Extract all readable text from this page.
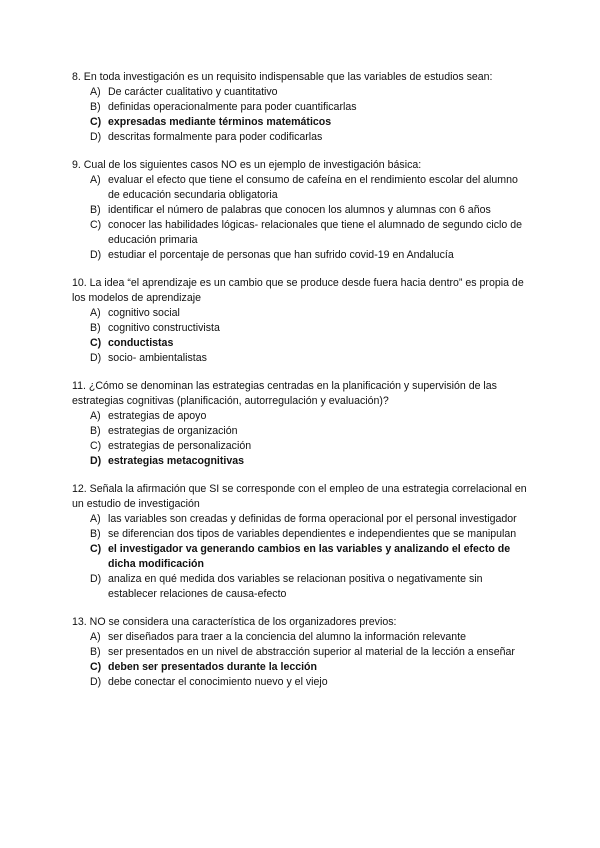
8. En toda investigación es un requisito indispensable que las variables de estudios sean:

A) De carácter cualitativo y cuantitativo
B) definidas operacionalmente para poder cuantificarlas
C) expresadas mediante términos matemáticos
D) descritas formalmente para poder codificarlas

9. Cual de los siguientes casos NO es un ejemplo de investigación básica:

A) evaluar el efecto que tiene el consumo de cafeína en el rendimiento escolar del alumno de educación secundaria obligatoria
B) identificar el número de palabras que conocen los alumnos y alumnas con 6 años
C) conocer las habilidades lógicas- relacionales que tiene el alumnado de segundo ciclo de educación primaria
D) estudiar el porcentaje de personas que han sufrido covid-19 en Andalucía

10. La idea “el aprendizaje es un cambio que se produce desde fuera hacia dentro” es propia de los modelos de aprendizaje

A) cognitivo social
B) cognitivo constructivista
C) conductistas
D) socio- ambientalistas

11. ¿Cómo se denominan las estrategias centradas en la planificación y supervisión de las estrategias cognitivas (planificación, autorregulación y evaluación)?

A) estrategias de apoyo
B) estrategias de organización
C) estrategias de personalización
D) estrategias metacognitivas

12. Señala la afirmación que SI se corresponde con el empleo de una estrategia correlacional en un estudio de investigación

A) las variables son creadas y definidas de forma operacional por el personal investigador
B) se diferencian dos tipos de variables dependientes e independientes que se manipulan
C) el investigador va generando cambios en las variables y analizando el efecto de dicha modificación
D) analiza en qué medida dos variables se relacionan positiva o negativamente sin establecer relaciones de causa-efecto

13. NO se considera una característica de los organizadores previos:

A) ser diseñados para traer a la conciencia del alumno la información relevante
B) ser presentados en un nivel de abstracción superior al material de la lección a enseñar
C) deben ser presentados durante la lección
D) debe conectar el conocimiento nuevo y el viejo
